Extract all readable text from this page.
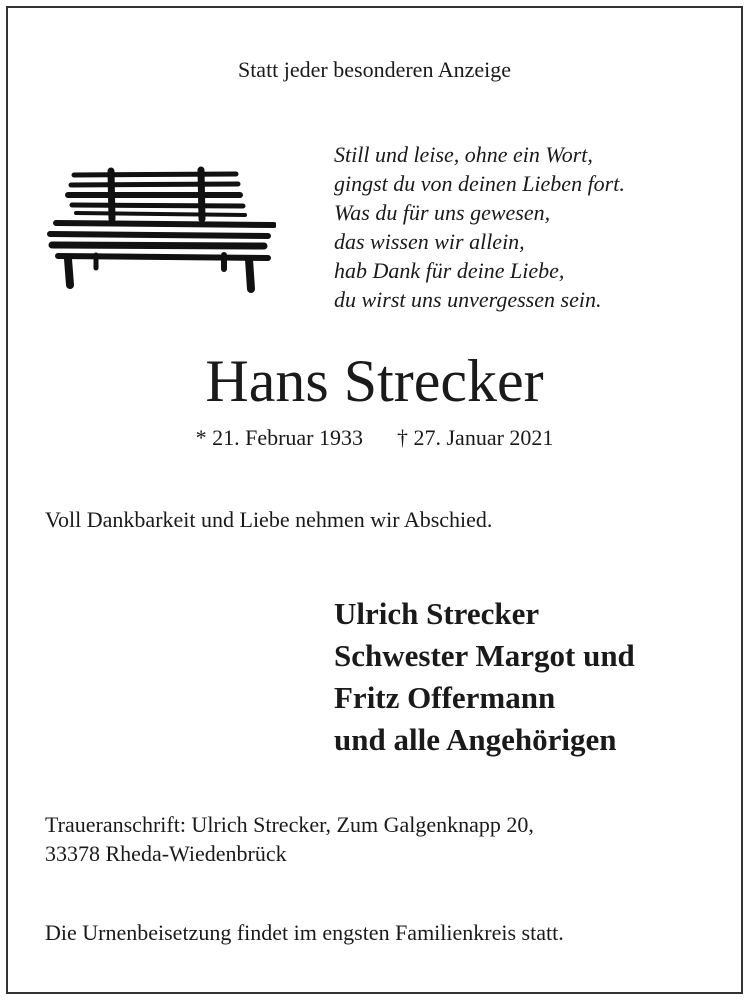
Statt jeder besonderen Anzeige
Still und leise, ohne ein Wort,
gingst du von deinen Lieben fort.
Was du für uns gewesen,
das wissen wir allein,
hab Dank für deine Liebe,
du wirst uns unvergessen sein.
Hans Strecker
* 21. Februar 1933 † 27. Januar 2021
Voll Dankbarkeit und Liebe nehmen wir Abschied.
Ulrich Strecker
Schwester Margot und
Fritz Offermann
und alle Angehörigen
Traueranschrift: Ulrich Strecker, Zum Galgenknapp 20,
33378 Rheda-Wiedenbrück
Die Urnenbeisetzung findet im engsten Familienkreis statt.
